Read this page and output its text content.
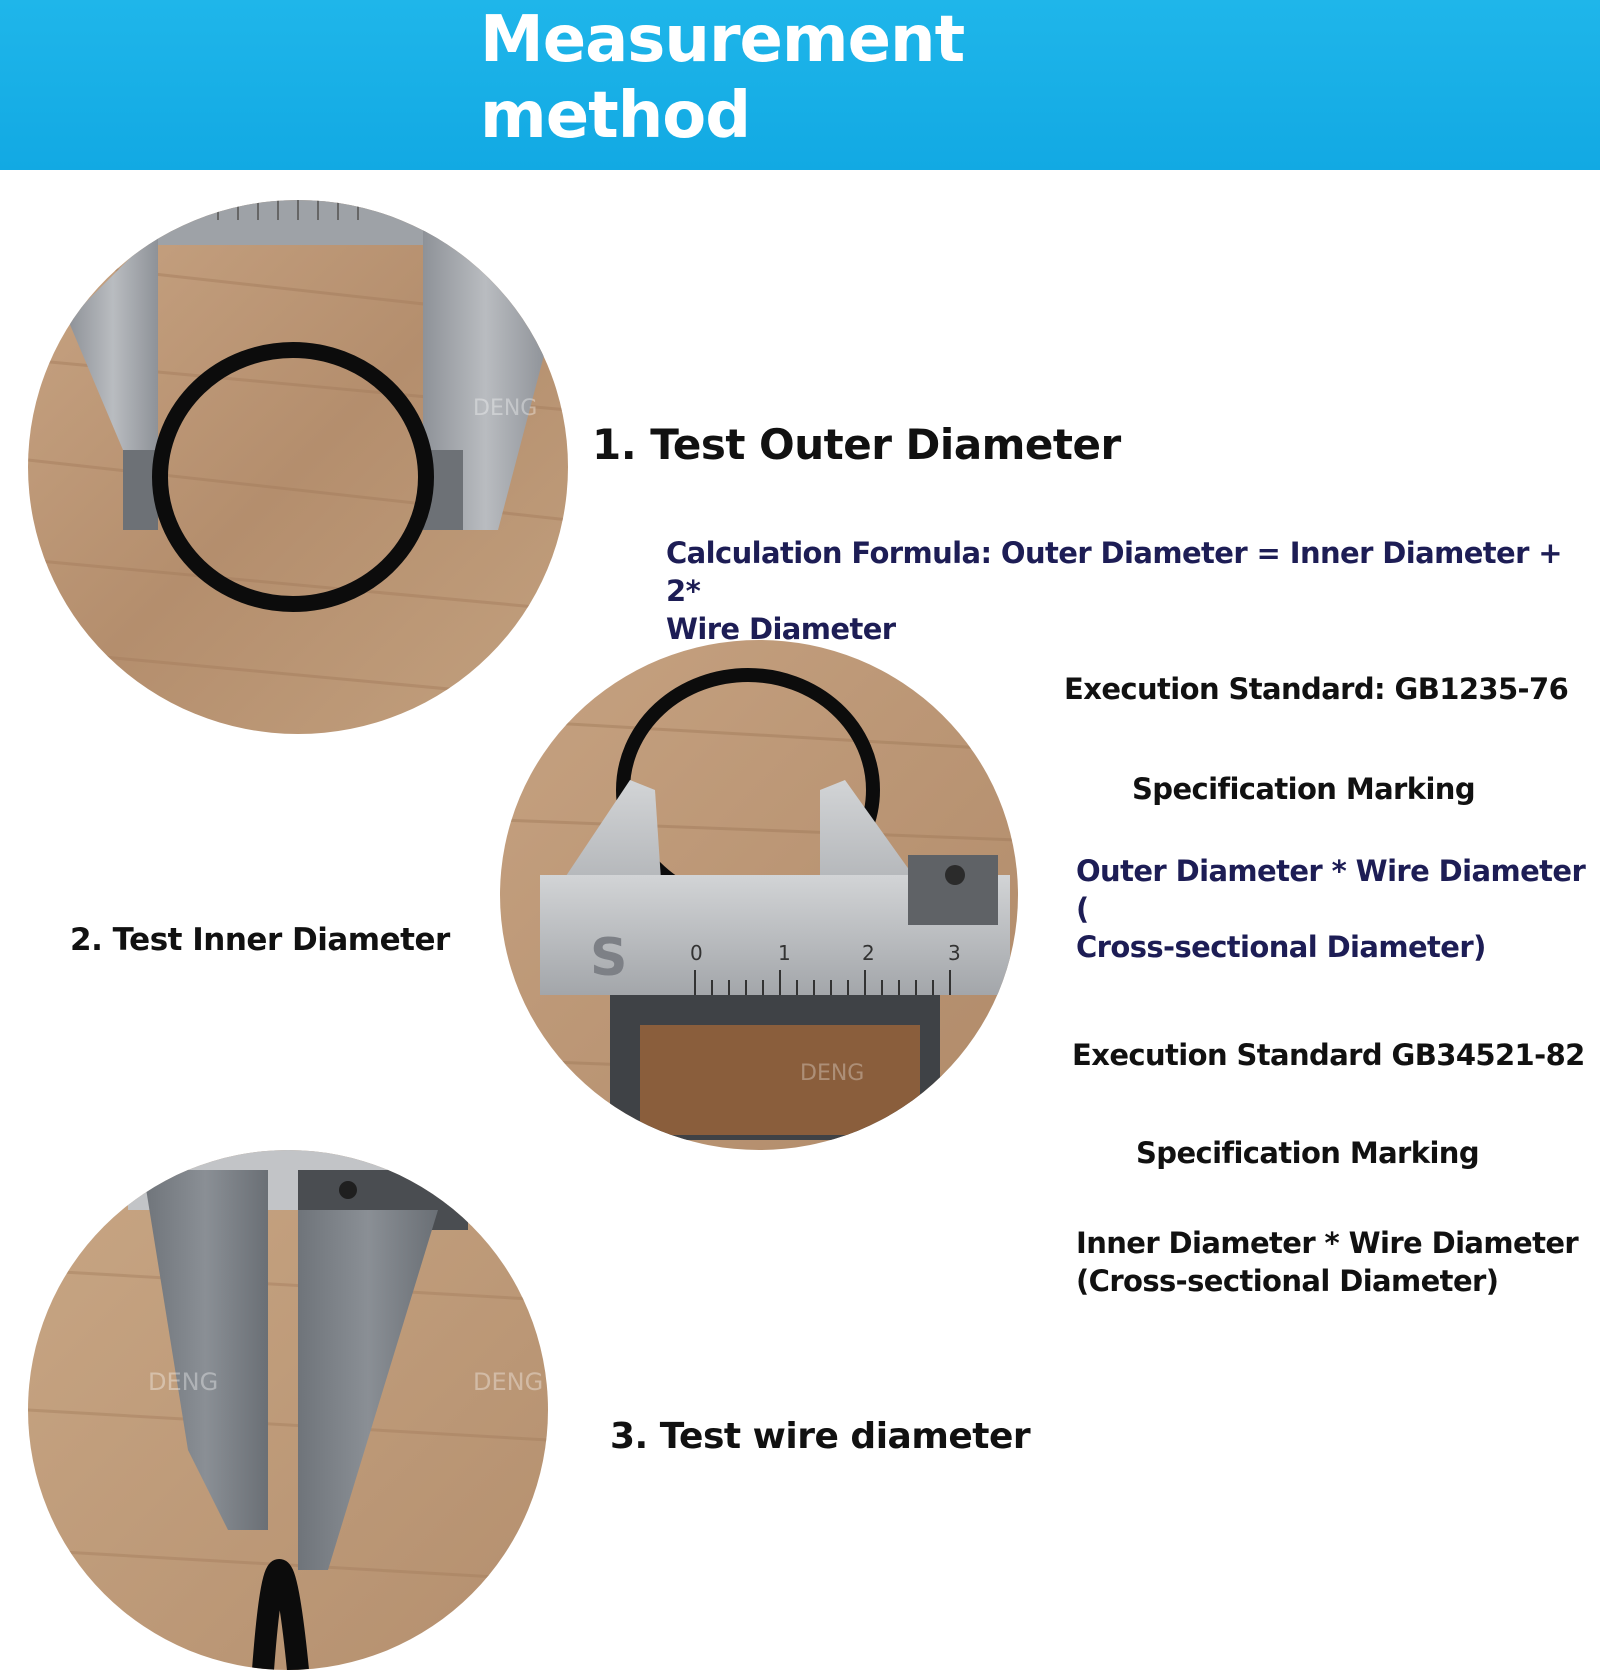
Measurement
method
DENG
S	0	1	2	3
DENG
DENG	DENG

1. Test Outer Diameter

Calculation Formula: Outer Diameter = Inner Diameter + 2*
Wire Diameter

Execution Standard: GB1235-76

Specification Marking

Outer Diameter * Wire Diameter (
Cross-sectional Diameter)

2. Test Inner Diameter

Execution Standard GB34521-82

Specification Marking

Inner Diameter * Wire Diameter
(Cross-sectional Diameter)

3. Test wire diameter
